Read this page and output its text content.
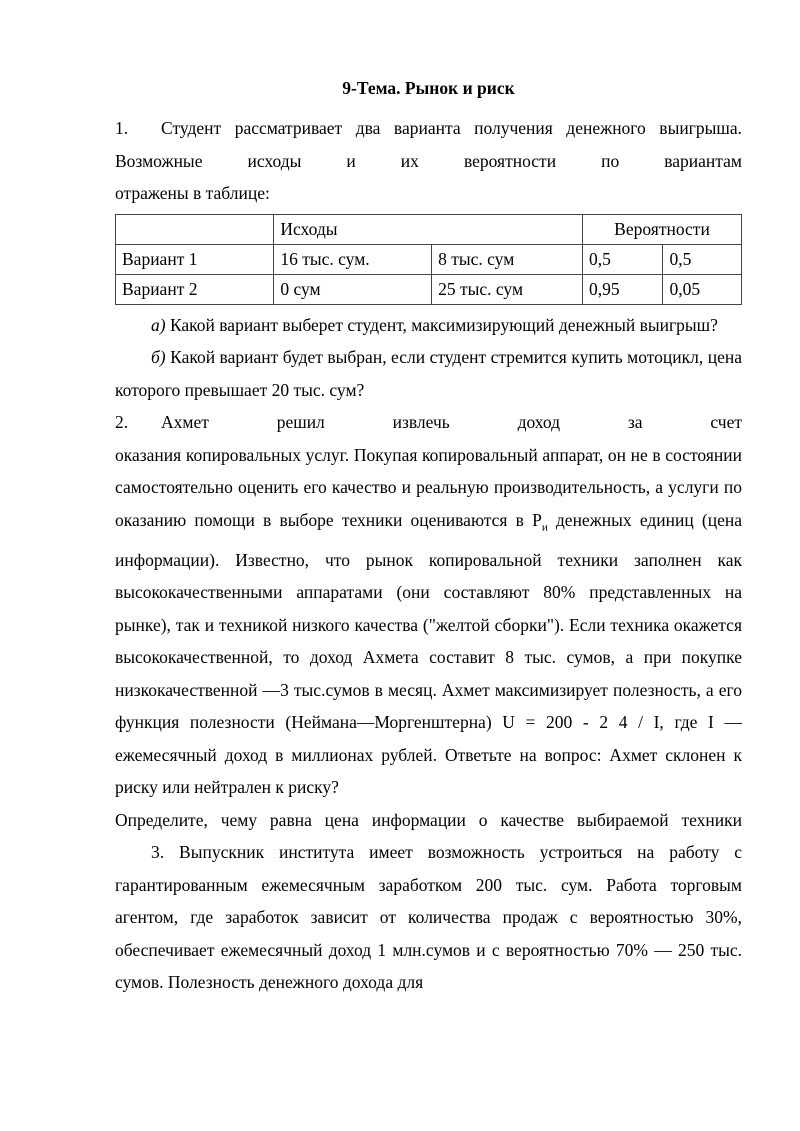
9-Тема. Рынок и риск

1. Студент рассматривает два варианта получения денежного выигрыша.

Возможные исходы и их вероятности по вариантам

отражены в таблице:

	Исходы		Вероятности	
Вариант 1	16 тыс. сум.	8 тыс. сум	0,5	0,5
Вариант 2	0 сум	25 тыс. сум	0,95	0,05

а) Какой вариант выберет студент, максимизирующий денежный выигрыш?

б) Какой вариант будет выбран, если студент стремится купить мотоцикл, цена которого превышает 20 тыс. сум?

2. Ахмет решил извлечь доход за счет

оказания копировальных услуг. Покупая копировальный аппарат, он не в состоянии самостоятельно оценить его качество и реальную производительность, а услуги по оказанию помощи в выборе техники оцениваются в $P_и$ денежных единиц (цена информации). Известно, что рынок копировальной техники заполнен как высококачественными аппаратами (они составляют 80% представленных на рынке), так и техникой низкого качества ("желтой сборки"). Если техника окажется высококачественной, то доход Ахмета составит 8 тыс. сумов, а при покупке низкокачественной —3 тыс.сумов в месяц. Ахмет максимизирует полезность, а его функция полезности (Неймана—Моргенштерна) U = 200 - 2 4 / I, где I — ежемесячный доход в миллионах рублей. Ответьте на вопрос: Ахмет склонен к риску или нейтрален к риску?

Определите, чему равна цена информации о качестве выбираемой техники

3. Выпускник института имеет возможность устроиться на работу с гарантированным ежемесячным заработком 200 тыс. сум. Работа торговым агентом, где заработок зависит от количества продаж с вероятностью 30%, обеспечивает ежемесячный доход 1 млн.сумов и с вероятностью 70% — 250 тыс. сумов. Полезность денежного дохода для
